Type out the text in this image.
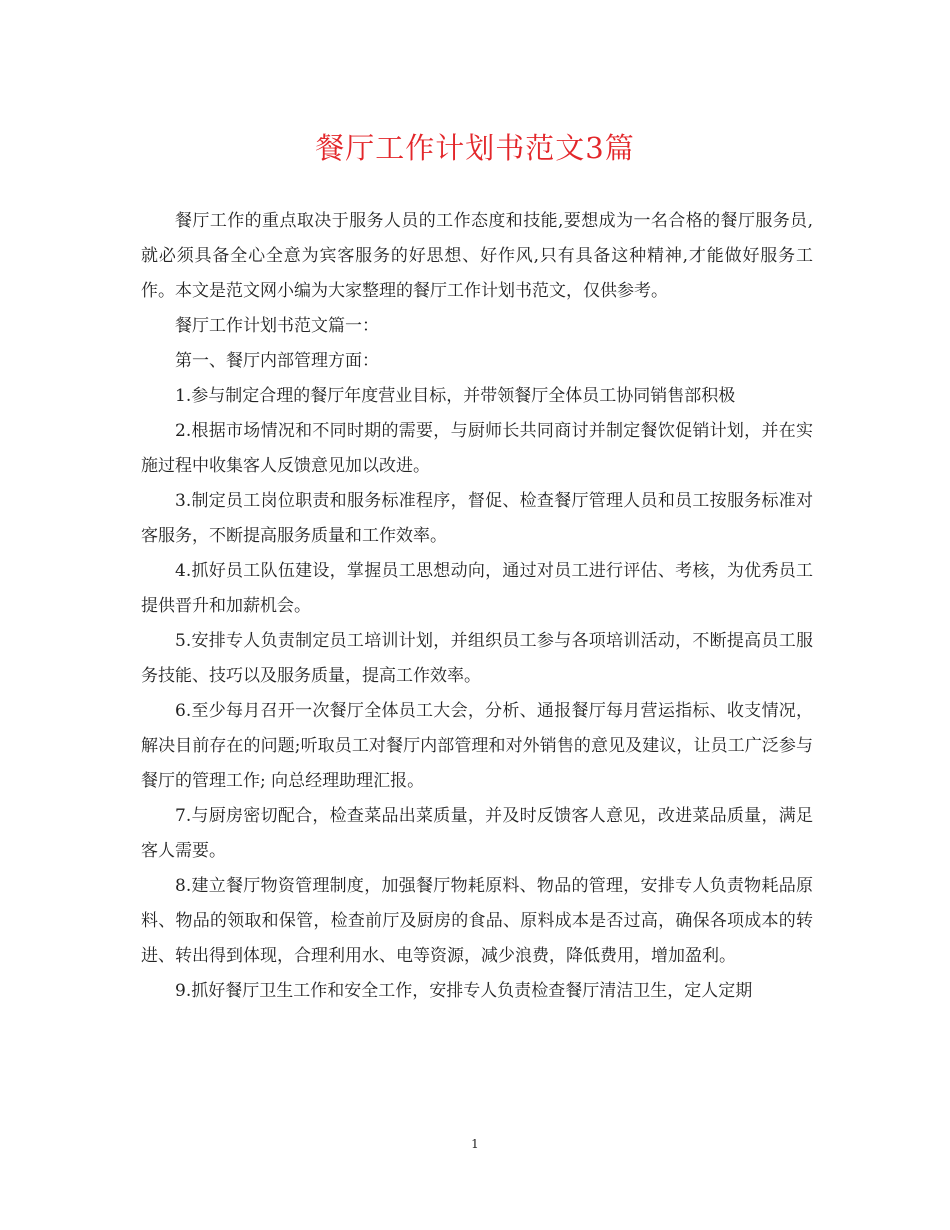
餐厅工作计划书范文3篇

餐厅工作的重点取决于服务人员的工作态度和技能,要想成为一名合格的餐厅服务员,就必须具备全心全意为宾客服务的好思想、好作风,只有具备这种精神,才能做好服务工作。本文是范文网小编为大家整理的餐厅工作计划书范文，仅供参考。

餐厅工作计划书范文篇一：

第一、餐厅内部管理方面：

1.参与制定合理的餐厅年度营业目标，并带领餐厅全体员工协同销售部积极

2.根据市场情况和不同时期的需要，与厨师长共同商讨并制定餐饮促销计划，并在实施过程中收集客人反馈意见加以改进。

3.制定员工岗位职责和服务标准程序，督促、检查餐厅管理人员和员工按服务标准对客服务，不断提高服务质量和工作效率。

4.抓好员工队伍建设，掌握员工思想动向，通过对员工进行评估、考核，为优秀员工提供晋升和加薪机会。

5.安排专人负责制定员工培训计划，并组织员工参与各项培训活动，不断提高员工服务技能、技巧以及服务质量，提高工作效率。

6.至少每月召开一次餐厅全体员工大会，分析、通报餐厅每月营运指标、收支情况，解决目前存在的问题;听取员工对餐厅内部管理和对外销售的意见及建议，让员工广泛参与餐厅的管理工作; 向总经理助理汇报。

7.与厨房密切配合，检查菜品出菜质量，并及时反馈客人意见，改进菜品质量，满足客人需要。

8.建立餐厅物资管理制度，加强餐厅物耗原料、物品的管理，安排专人负责物耗品原料、物品的领取和保管，检查前厅及厨房的食品、原料成本是否过高，确保各项成本的转进、转出得到体现，合理利用水、电等资源，减少浪费，降低费用，增加盈利。

9.抓好餐厅卫生工作和安全工作，安排专人负责检查餐厅清洁卫生，定人定期

1
